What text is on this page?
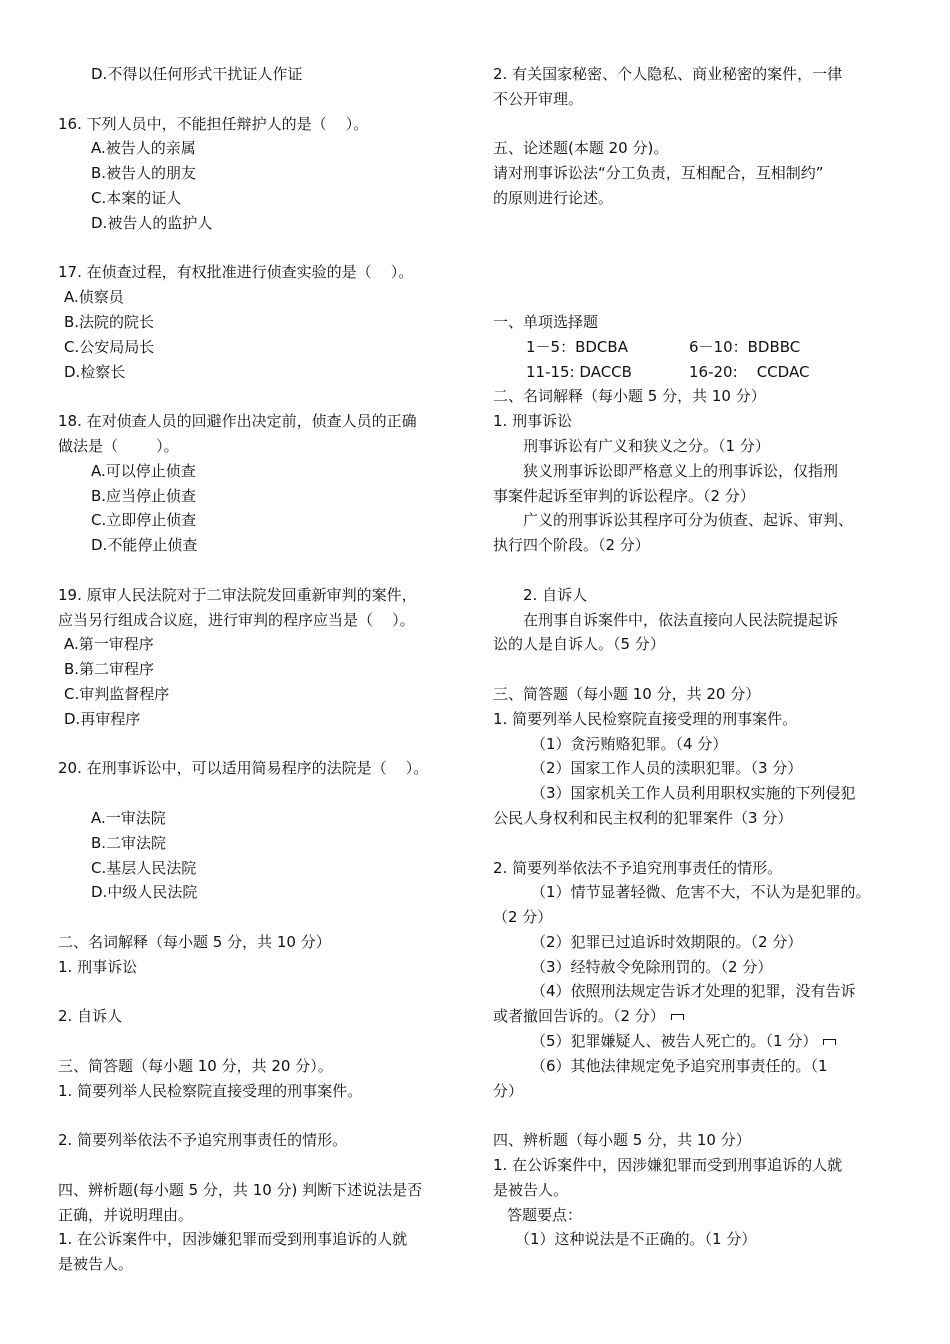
D.不得以任何形式干扰证人作证
16. 下列人员中，不能担任辩护人的是（    ）。
A.被告人的亲属
B.被告人的朋友
C.本案的证人
D.被告人的监护人
17. 在侦查过程，有权批准进行侦查实验的是（    ）。
A.侦察员
B.法院的院长
C.公安局局长
D.检察长
18. 在对侦查人员的回避作出决定前，侦查人员的正确
做法是（        ）。
A.可以停止侦查
B.应当停止侦查
C.立即停止侦查
D.不能停止侦查
19. 原审人民法院对于二审法院发回重新审判的案件，
应当另行组成合议庭，进行审判的程序应当是（    ）。
A.第一审程序
B.第二审程序
C.审判监督程序
D.再审程序
20. 在刑事诉讼中，可以适用简易程序的法院是（    ）。
A.一审法院
B.二审法院
C.基层人民法院
D.中级人民法院
二、名词解释（每小题 5 分，共 10 分）
1. 刑事诉讼
2. 自诉人
三、简答题（每小题 10 分，共 20 分）。
1. 简要列举人民检察院直接受理的刑事案件。
2. 简要列举依法不予追究刑事责任的情形。
四、辨析题(每小题 5 分，共 10 分) 判断下述说法是否
正确，并说明理由。
1. 在公诉案件中，因涉嫌犯罪而受到刑事追诉的人就
是被告人。
2. 有关国家秘密、个人隐私、商业秘密的案件，一律
不公开审理。
五、论述题(本题 20 分)。
请对刑事诉讼法“分工负责，互相配合，互相制约”
的原则进行论述。
一、单项选择题
1－5：BDCBA	6－10：BDBBC
11-15: DACCB	16-20:    CCDAC
二、名词解释（每小题 5 分，共 10 分）
1. 刑事诉讼
刑事诉讼有广义和狭义之分。（1 分）
狭义刑事诉讼即严格意义上的刑事诉讼，仅指刑
事案件起诉至审判的诉讼程序。（2 分）
广义的刑事诉讼其程序可分为侦查、起诉、审判、
执行四个阶段。（2 分）
2. 自诉人
在刑事自诉案件中，依法直接向人民法院提起诉
讼的人是自诉人。（5 分）
三、简答题（每小题 10 分，共 20 分）
1. 简要列举人民检察院直接受理的刑事案件。
（1）贪污贿赂犯罪。（4 分）
（2）国家工作人员的渎职犯罪。（3 分）
（3）国家机关工作人员利用职权实施的下列侵犯
公民人身权利和民主权利的犯罪案件（3 分）
2. 简要列举依法不予追究刑事责任的情形。
（1）情节显著轻微、危害不大，不认为是犯罪的。
（2 分）
（2）犯罪已过追诉时效期限的。（2 分）
（3）经特赦令免除刑罚的。（2 分）
（4）依照刑法规定告诉才处理的犯罪，没有告诉
或者撤回告诉的。（2 分）
（5）犯罪嫌疑人、被告人死亡的。（1 分）
（6）其他法律规定免予追究刑事责任的。（1
分）
四、辨析题（每小题 5 分，共 10 分）
1. 在公诉案件中，因涉嫌犯罪而受到刑事追诉的人就
是被告人。
答题要点：
（1）这种说法是不正确的。（1 分）
